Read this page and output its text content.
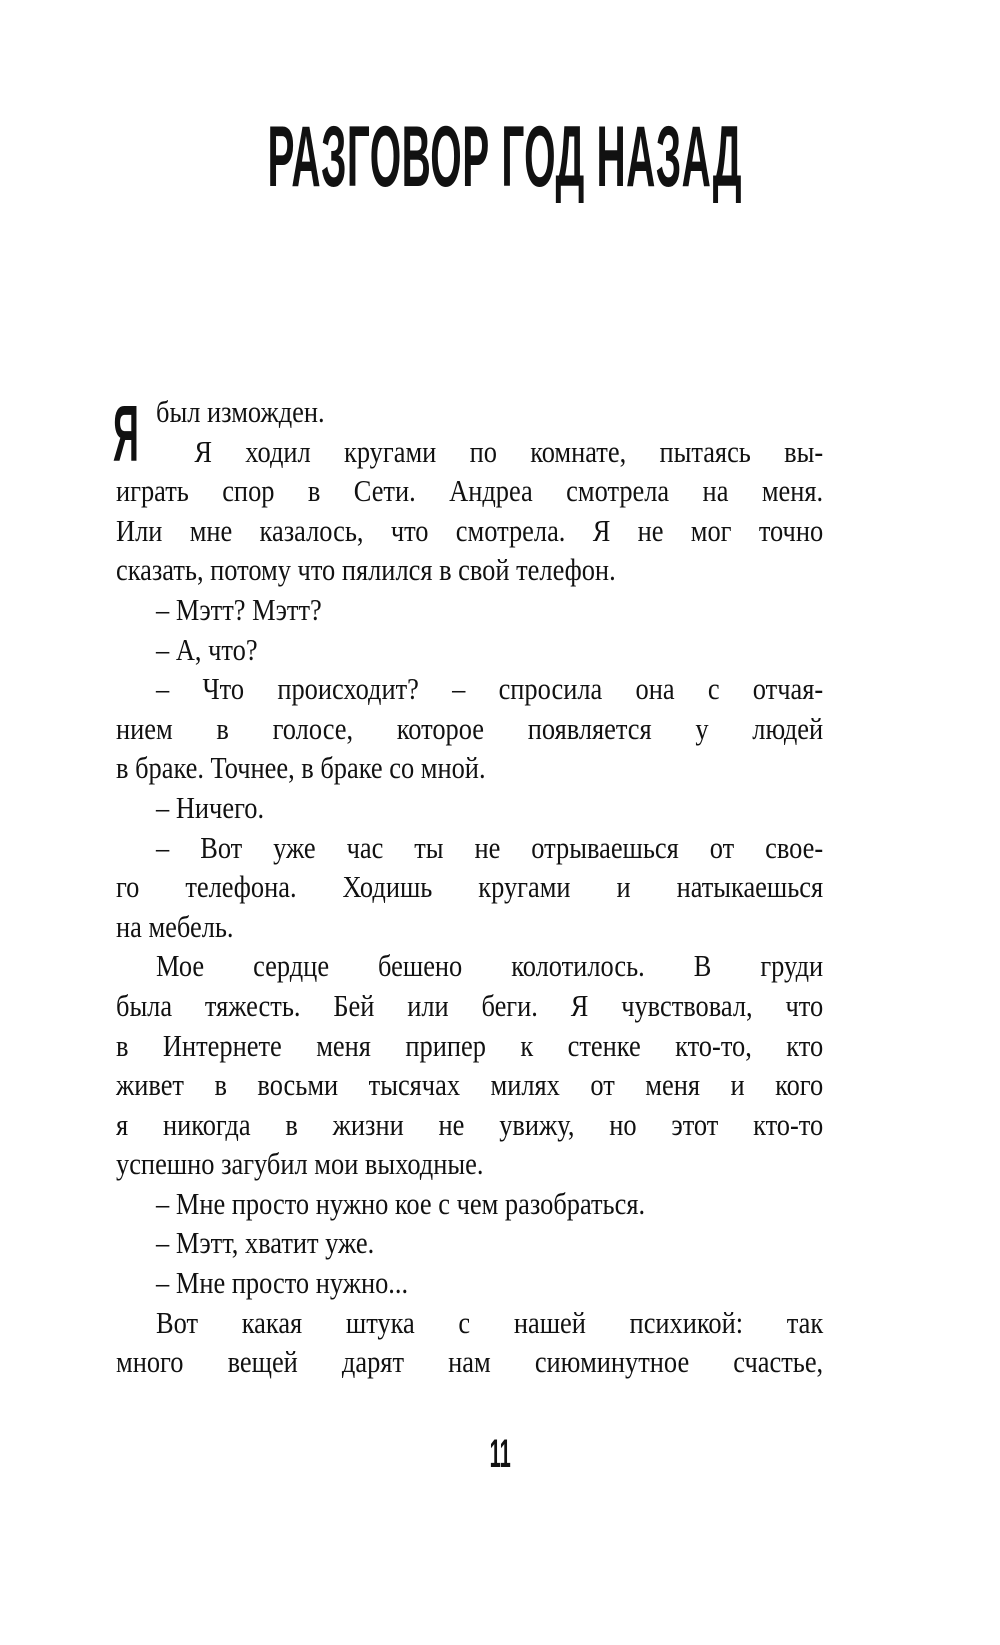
РАЗГОВОР ГОД НАЗАД
Я был изможден.
Я ходил кругами по комнате, пытаясь вы-
играть спор в Сети. Андреа смотрела на меня.
Или мне казалось, что смотрела. Я не мог точно
сказать, потому что пялился в свой телефон.
– Мэтт? Мэтт?
– А, что?
– Что происходит? – спросила она с отчая-
нием в голосе, которое появляется у людей
в браке. Точнее, в браке со мной.
– Ничего.
– Вот уже час ты не отрываешься от свое-
го телефона. Ходишь кругами и натыкаешься
на мебель.
Мое сердце бешено колотилось. В груди
была тяжесть. Бей или беги. Я чувствовал, что
в Интернете меня припер к стенке кто-то, кто
живет в восьми тысячах милях от меня и кого
я никогда в жизни не увижу, но этот кто-то
успешно загубил мои выходные.
– Мне просто нужно кое с чем разобраться.
– Мэтт, хватит уже.
– Мне просто нужно...
Вот какая штука с нашей психикой: так
много вещей дарят нам сиюминутное счастье,
11
